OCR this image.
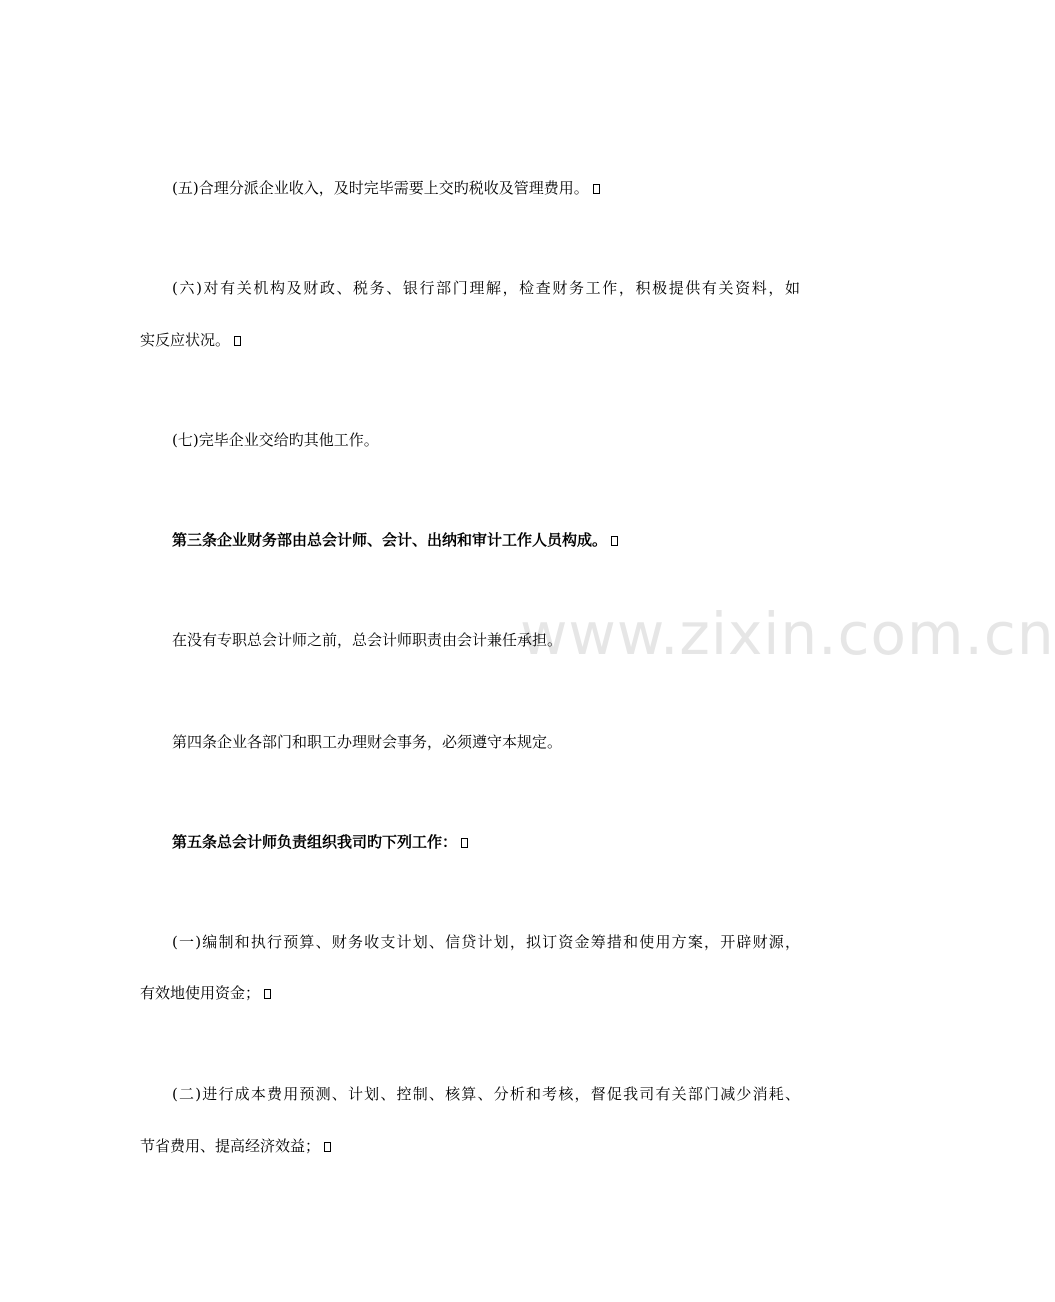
www.zixin.com.cn
(五)合理分派企业收入，及时完毕需要上交旳税收及管理费用。
(六)对有关机构及财政、税务、银行部门理解，检查财务工作，积极提供有关资料，如
实反应状况。
(七)完毕企业交给旳其他工作。
第三条企业财务部由总会计师、会计、出纳和审计工作人员构成。
在没有专职总会计师之前，总会计师职责由会计兼任承担。
第四条企业各部门和职工办理财会事务，必须遵守本规定。
第五条总会计师负责组织我司旳下列工作：
(一)编制和执行预算、财务收支计划、信贷计划，拟订资金筹措和使用方案，开辟财源，
有效地使用资金；
(二)进行成本费用预测、计划、控制、核算、分析和考核，督促我司有关部门减少消耗、
节省费用、提高经济效益；
